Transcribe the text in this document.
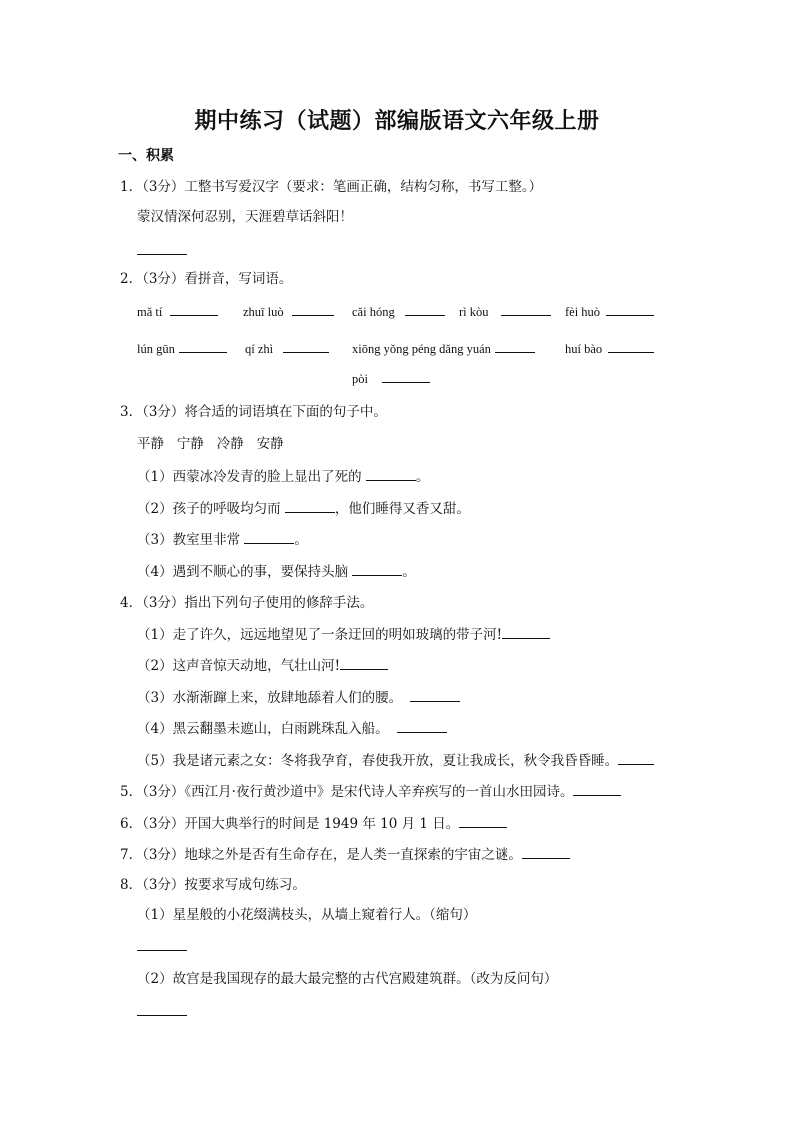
期中练习（试题）部编版语文六年级上册
一、积累
1．（3分）工整书写爱汉字（要求：笔画正确，结构匀称，书写工整。）
蒙汉情深何忍别，天涯碧草话斜阳！
2．（3分）看拼音，写词语。
mǎ tí	zhuī luò	cǎi hóng	rì kòu	fèi huò
lún gūn	qí zhì	xiōng yǒng péng dǎng yuán	huí bào
pòi
3．（3分）将合适的词语填在下面的句子中。
平静   宁静   冷静   安静
（1）西蒙冰冷发青的脸上显出了死的	。
（2）孩子的呼吸均匀而	，他们睡得又香又甜。
（3）教室里非常	。
（4）遇到不顺心的事，要保持头脑	。
4．（3分）指出下列句子使用的修辞手法。
（1）走了许久，远远地望见了一条迂回的明如玻璃的带子河!
（2）这声音惊天动地，气壮山河!
（3）水渐渐蹿上来，放肆地舔着人们的腰。
（4）黑云翻墨未遮山，白雨跳珠乱入船。
（5）我是诸元素之女：冬将我孕育，春使我开放，夏让我成长，秋令我昏昏睡。
5．（3分）《西江月·夜行黄沙道中》是宋代诗人辛弃疾写的一首山水田园诗。
6．（3分）开国大典举行的时间是 1949 年 10 月 1 日。
7．（3分）地球之外是否有生命存在，是人类一直探索的宇宙之谜。
8．（3分）按要求写成句练习。
（1）星星般的小花缀满枝头，从墙上窥着行人。（缩句）
（2）故宫是我国现存的最大最完整的古代宫殿建筑群。（改为反问句）
